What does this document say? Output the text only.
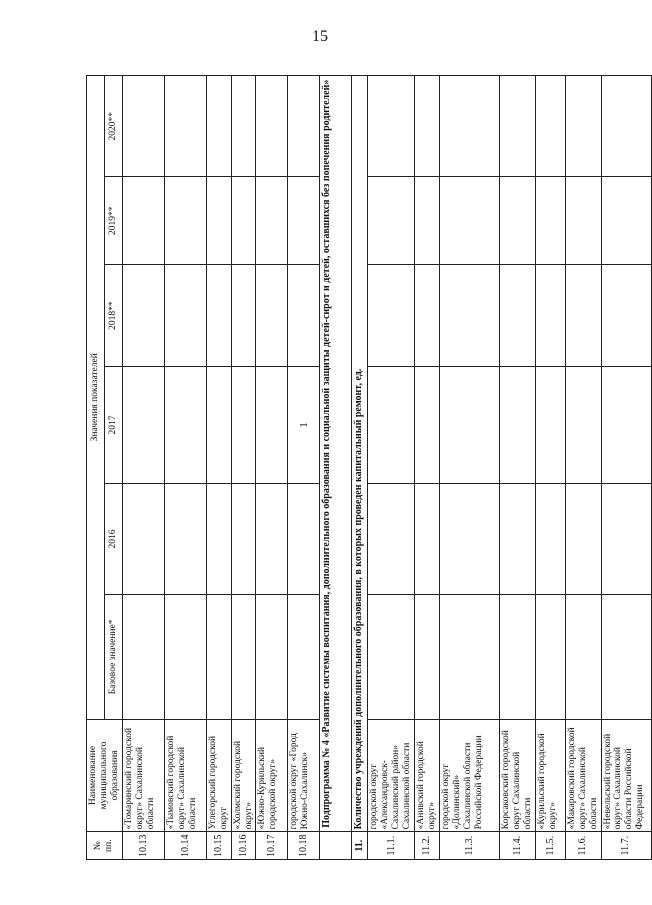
15
№ пп.	Наименование муниципального образования	Значения показателей					
		Базовое значение*	2016	2017	2018**	2019**	2020**
10.13	«Томаринский городской округ» Сахалинской области						
10.14	«Тымовский городской округ» Сахалинской области						
10.15	Углегорский городской округ						
10.16	«Холмский городской округ»						
10.17	«Южно-Курильский городской округ»						
10.18	городской округ «Город Южно-Сахалинск»			1			
	Подпрограмма № 4 «Развитие системы воспитания, дополнительного образования и социальной защиты детей-сирот и детей, оставшихся без попечения родителей»						
11.	Количество учреждений дополнительного образования, в которых проведен капитальный ремонт, ед.						
11.1.	городской округ «Александровск-Сахалинский район» Сахалинской области						
11.2.	«Анивский городской округ»						
11.3.	городской округ «Долинский» Сахалинской области Российской Федерации						
11.4.	Корсаковский городской округ Сахалинской области						
11.5.	«Курильский городской округ»						
11.6.	«Макаровский городской округ» Сахалинской области						
11.7.	«Невельский городской округ» Сахалинской области Российской Федерации						
